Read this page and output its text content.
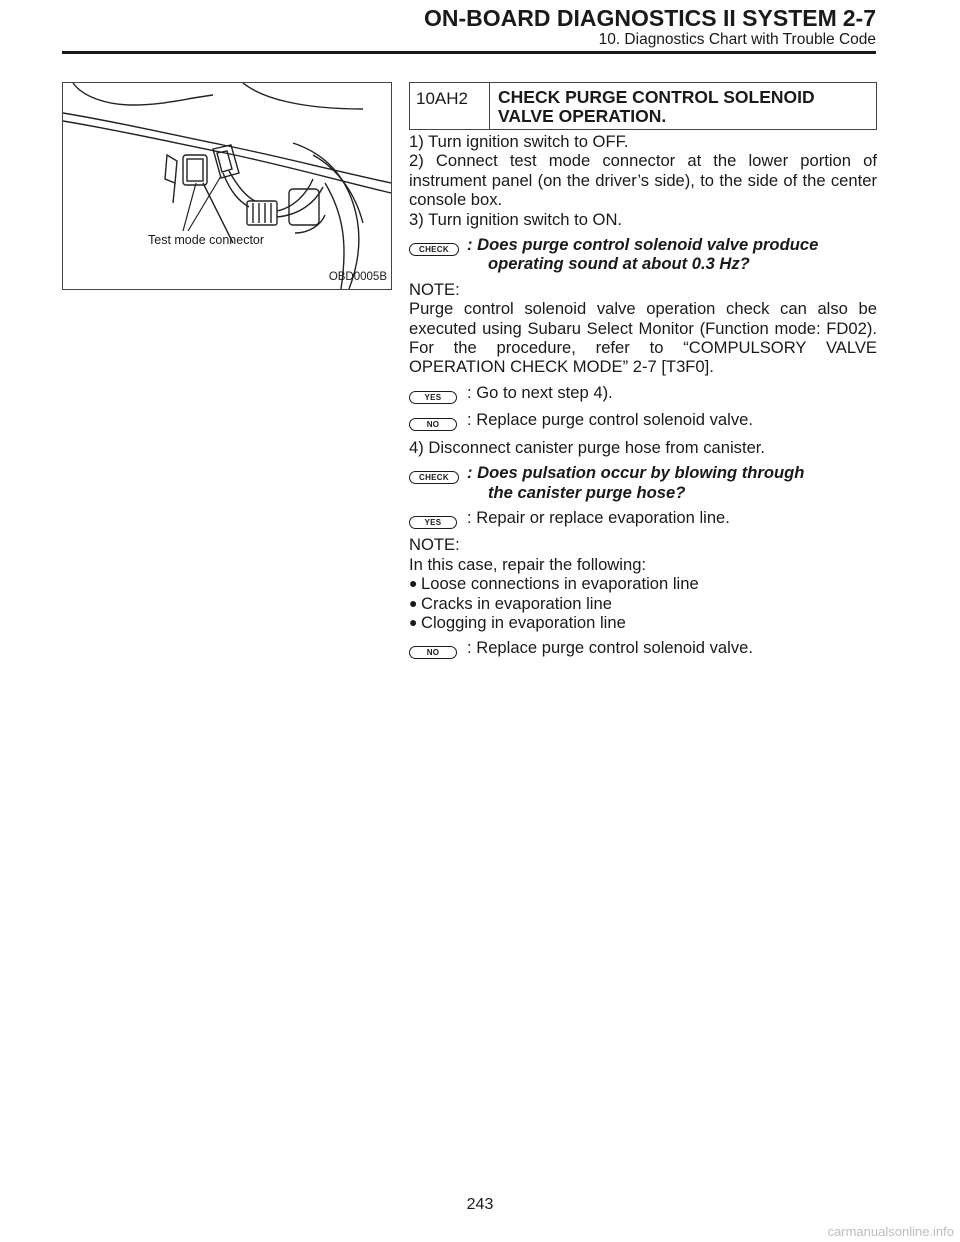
ON-BOARD DIAGNOSTICS II SYSTEM 2-7
10. Diagnostics Chart with Trouble Code
Test mode connector
OBD0005B
10AH2	CHECK PURGE CONTROL SOLENOID
VALVE OPERATION.

1) Turn ignition switch to OFF.

2) Connect test mode connector at the lower portion of instrument panel (on the driver’s side), to the side of the center console box.

3) Turn ignition switch to ON.

CHECK	: Does purge control solenoid valve produce
operating sound at about 0.3 Hz?

NOTE:

Purge control solenoid valve operation check can also be executed using Subaru Select Monitor (Function mode: FD02). For the procedure, refer to “COMPULSORY VALVE OPERATION CHECK MODE” 2-7 [T3F0].

YES	: Go to next step 4).
NO	: Replace purge control solenoid valve.

4) Disconnect canister purge hose from canister.

CHECK	: Does pulsation occur by blowing through
the canister purge hose?
YES	: Repair or replace evaporation line.

NOTE:

In this case, repair the following:

● Loose connections in evaporation line
● Cracks in evaporation line
● Clogging in evaporation line
NO	: Replace purge control solenoid valve.
243
carmanualsonline.info
